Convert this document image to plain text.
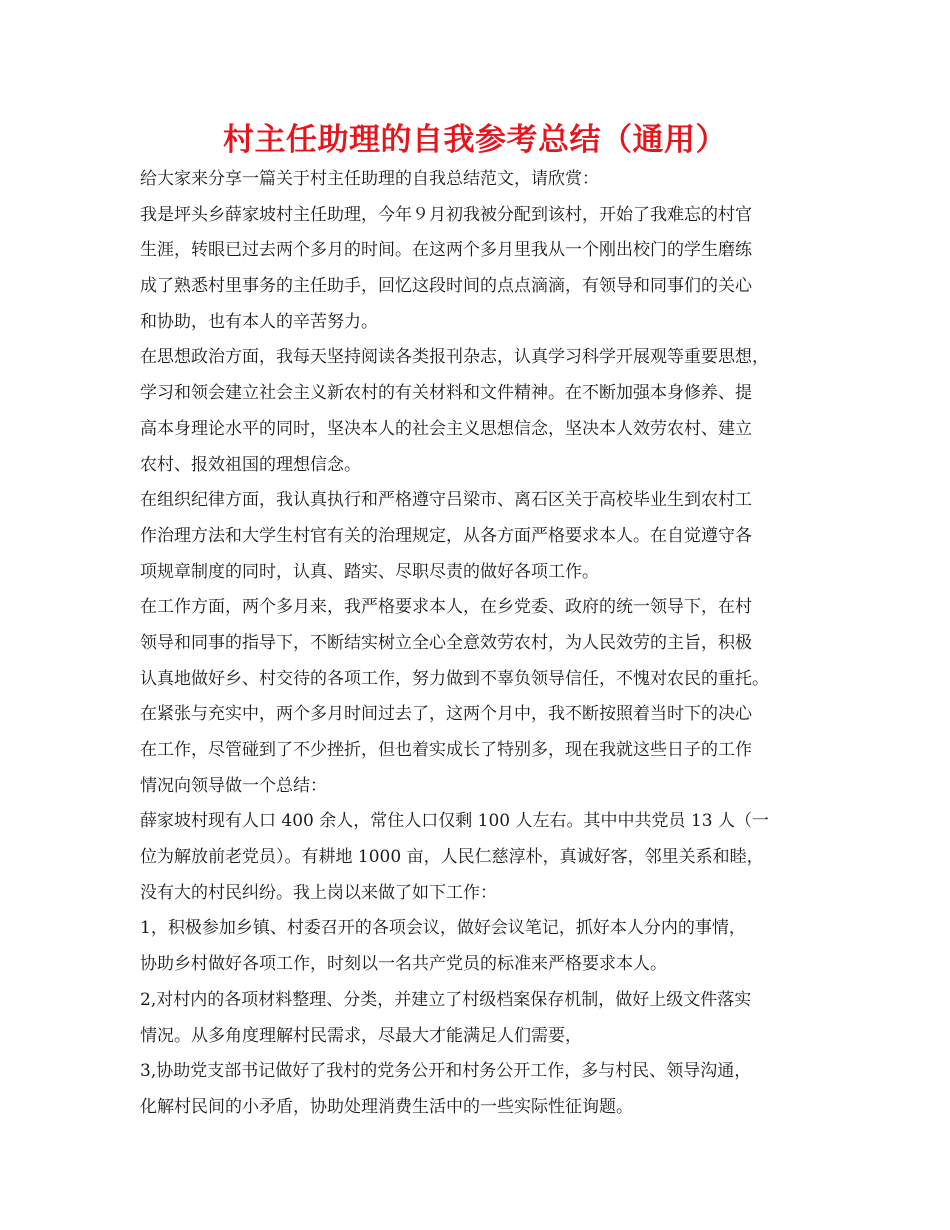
村主任助理的自我参考总结（通用）

给大家来分享一篇关于村主任助理的自我总结范文，请欣赏：

我是坪头乡薛家坡村主任助理，今年９月初我被分配到该村，开始了我难忘的村官

生涯，转眼已过去两个多月的时间。在这两个多月里我从一个刚出校门的学生磨练

成了熟悉村里事务的主任助手，回忆这段时间的点点滴滴，有领导和同事们的关心

和协助，也有本人的辛苦努力。

在思想政治方面，我每天坚持阅读各类报刊杂志，认真学习科学开展观等重要思想，

学习和领会建立社会主义新农村的有关材料和文件精神。在不断加强本身修养、提

高本身理论水平的同时，坚决本人的社会主义思想信念，坚决本人效劳农村、建立

农村、报效祖国的理想信念。

在组织纪律方面，我认真执行和严格遵守吕梁市、离石区关于高校毕业生到农村工

作治理方法和大学生村官有关的治理规定，从各方面严格要求本人。在自觉遵守各

项规章制度的同时，认真、踏实、尽职尽责的做好各项工作。

在工作方面，两个多月来，我严格要求本人，在乡党委、政府的统一领导下，在村

领导和同事的指导下，不断结实树立全心全意效劳农村，为人民效劳的主旨，积极

认真地做好乡、村交待的各项工作，努力做到不辜负领导信任，不愧对农民的重托。

在紧张与充实中，两个多月时间过去了，这两个月中，我不断按照着当时下的决心

在工作，尽管碰到了不少挫折，但也着实成长了特别多，现在我就这些日子的工作

情况向领导做一个总结：

薛家坡村现有人口 400 余人，常住人口仅剩 100 人左右。其中中共党员 13 人（一

位为解放前老党员）。有耕地 1000 亩，人民仁慈淳朴，真诚好客，邻里关系和睦，

没有大的村民纠纷。我上岗以来做了如下工作：

1，积极参加乡镇、村委召开的各项会议，做好会议笔记，抓好本人分内的事情，

协助乡村做好各项工作，时刻以一名共产党员的标准来严格要求本人。

2,对村内的各项材料整理、分类，并建立了村级档案保存机制，做好上级文件落实

情况。从多角度理解村民需求，尽最大才能满足人们需要，

3,协助党支部书记做好了我村的党务公开和村务公开工作，多与村民、领导沟通，

化解村民间的小矛盾，协助处理消费生活中的一些实际性征询题。
